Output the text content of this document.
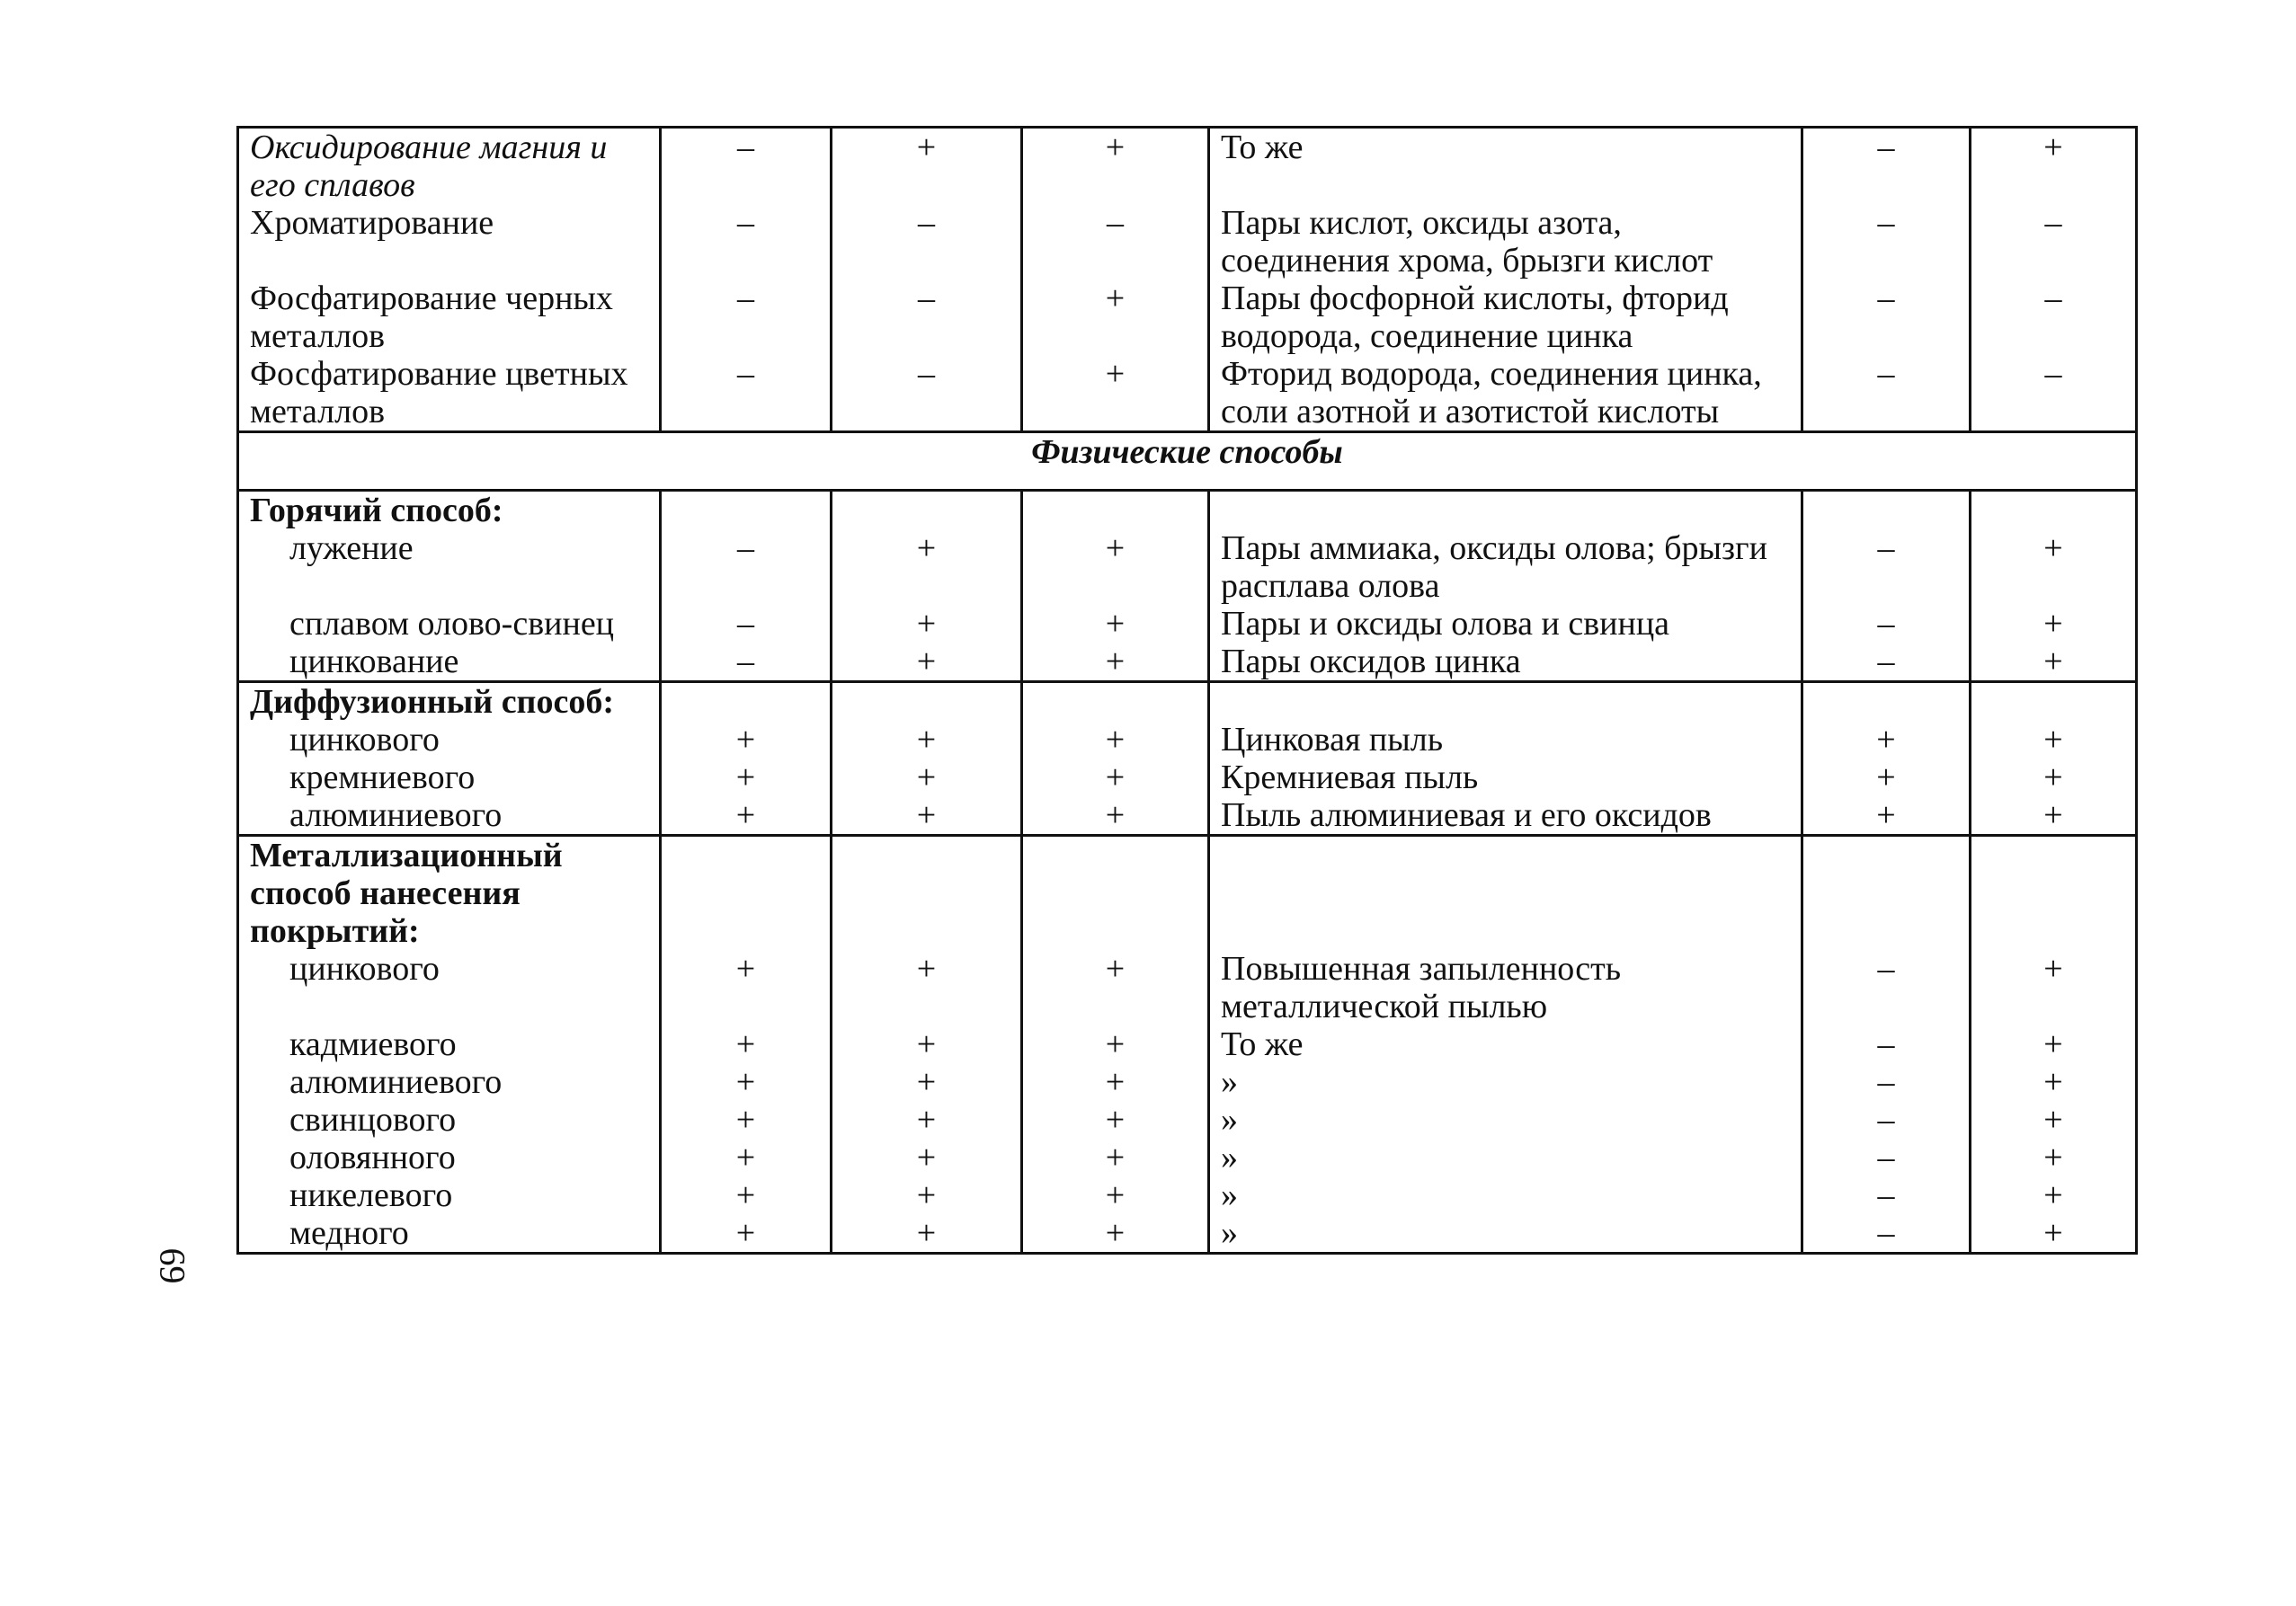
69
Оксидирование магния и его сплавов	–	+	+	То же	–	+
Хроматирование	–	–	–	Пары кислот, оксиды азота, соединения хрома, брызги кислот	–	–
Фосфатирование черных металлов	–	–	+	Пары фосфорной кислоты, фторид водорода, соединение цинка	–	–
Фосфатирование цветных металлов	–	–	+	Фторид водорода, соединения цинка, соли азотной и азотистой кислоты	–	–
Физические способы						
Горячий способ:						
лужение	–	+	+	Пары аммиака, оксиды олова; брызги расплава олова	–	+
сплавом олово-свинец	–	+	+	Пары и оксиды олова и свинца	–	+
цинкование	–	+	+	Пары оксидов цинка	–	+
Диффузионный способ:						
цинкового	+	+	+	Цинковая пыль	+	+
кремниевого	+	+	+	Кремниевая пыль	+	+
алюминиевого	+	+	+	Пыль алюминиевая и его оксидов	+	+
Металлизационный способ нанесения покрытий:						
цинкового	+	+	+	Повышенная запыленность металлической пылью	–	+
кадмиевого	+	+	+	То же	–	+
алюминиевого	+	+	+	»	–	+
свинцового	+	+	+	»	–	+
оловянного	+	+	+	»	–	+
никелевого	+	+	+	»	–	+
медного	+	+	+	»	–	+
